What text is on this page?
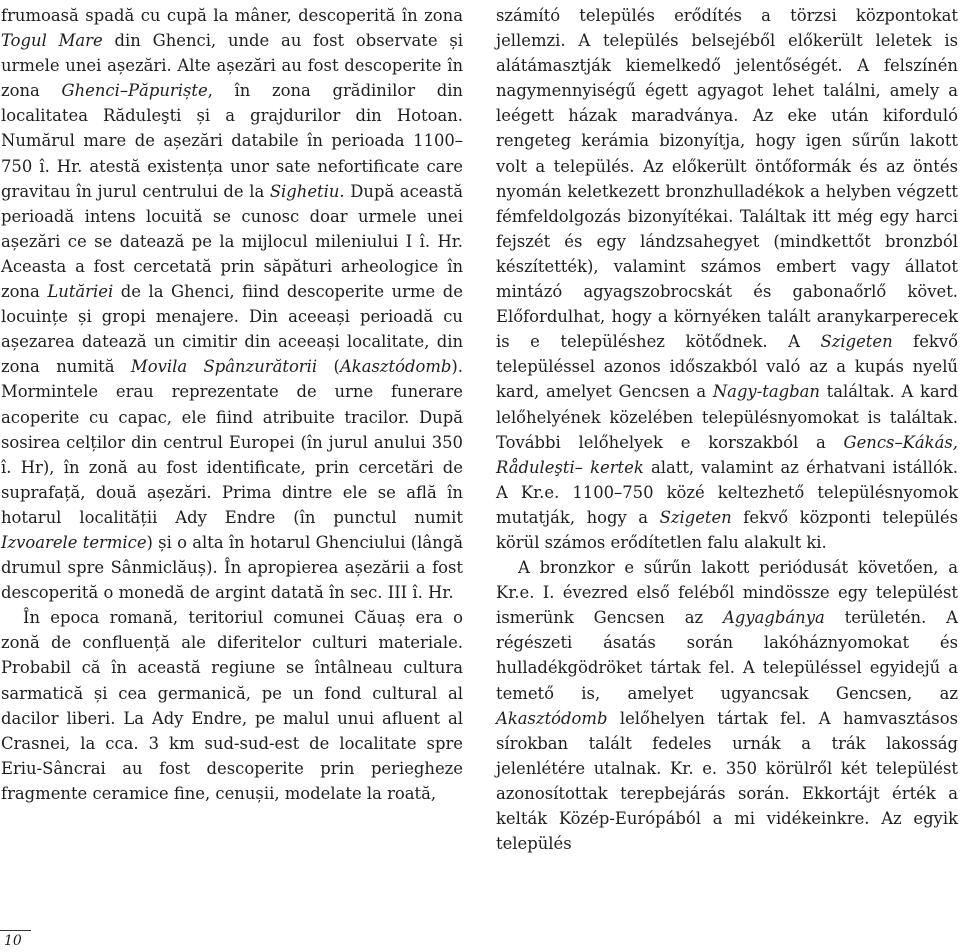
frumoasă spadă cu cupă la mâner, descoperită în zona Togul Mare din Ghenci, unde au fost observate și urmele unei așezări. Alte așezări au fost descoperite în zona Ghenci–Păpuriște, în zona grădinilor din localitatea Răduleşti și a grajdurilor din Hotoan. Numărul mare de așezări databile în perioada 1100–750 î. Hr. atestă existența unor sate nefortificate care gravitau în jurul centrului de la Sighetiu. După această perioadă intens locuită se cunosc doar urmele unei așezări ce se datează pe la mijlocul mileniului I î. Hr. Aceasta a fost cercetată prin săpături arheologice în zona Lutăriei de la Ghenci, fiind descoperite urme de locuințe și gropi menajere. Din aceeași perioadă cu așezarea datează un cimitir din aceeași localitate, din zona numită Movila Spânzurătorii (Akasztódomb). Mormintele erau reprezentate de urne funerare acoperite cu capac, ele fiind atribuite tracilor. După sosirea celților din centrul Europei (în jurul anului 350 î. Hr), în zonă au fost identificate, prin cercetări de suprafață, două așezări. Prima dintre ele se află în hotarul localității Ady Endre (în punctul numit Izvoarele termice) și o alta în hotarul Ghenciului (lângă drumul spre Sânmiclăuș). În apropierea așezării a fost descoperită o monedă de argint datată în sec. III î. Hr.

În epoca romană, teritoriul comunei Căuaș era o zonă de confluență ale diferitelor culturi materiale. Probabil că în această regiune se întâlneau cultura sarmatică și cea germanică, pe un fond cultural al dacilor liberi. La Ady Endre, pe malul unui afluent al Crasnei, la cca. 3 km sud-sud-est de localitate spre Eriu-Sâncrai au fost descoperite prin periegheze fragmente ceramice fine, cenușii, modelate la roată,

számító település erődítés a törzsi központokat jellemzi. A település belsejéből előkerült leletek is alátámasztják kiemelkedő jelentőségét. A felszínén nagymennyiségű égett agyagot lehet találni, amely a leégett házak maradványa. Az eke után kiforduló rengeteg kerámia bizonyítja, hogy igen sűrűn lakott volt a település. Az előkerült öntőformák és az öntés nyomán keletkezett bronzhulladékok a helyben végzett fémfeldolgozás bizonyítékai. Találtak itt még egy harci fejszét és egy lándzsahegyet (mindkettőt bronzból készítették), valamint számos embert vagy állatot mintázó agyagszobrocskát és gabonaőrlő követ. Előfordulhat, hogy a környéken talált aranykarperecek is e településhez kötődnek. A Szigeten fekvő településsel azonos időszakból való az a kupás nyelű kard, amelyet Gencsen a Nagy-tagban találtak. A kard lelőhelyének közelében településnyomokat is találtak. További lelőhelyek e korszakból a Gencs–Kákás, Råduleşti– kertek alatt, valamint az érhatvani istállók. A Kr.e. 1100–750 közé keltezhető településnyomok mutatják, hogy a Szigeten fekvő központi település körül számos erődítetlen falu alakult ki.

A bronzkor e sűrűn lakott periódusát követően, a Kr.e. I. évezred első feléből mindössze egy települést ismerünk Gencsen az Agyagbánya területén. A régészeti ásatás során lakóháznyomokat és hulladékgödröket tártak fel. A településsel egyidejű a temető is, amelyet ugyancsak Gencsen, az Akasztódomb lelőhelyen tártak fel. A hamvasztásos sírokban talált fedeles urnák a trák lakosság jelenlétére utalnak. Kr. e. 350 körülről két települést azonosítottak terepbejárás során. Ekkortájt érték a kelták Közép-Európából a mi vidékeinkre. Az egyik település

10
